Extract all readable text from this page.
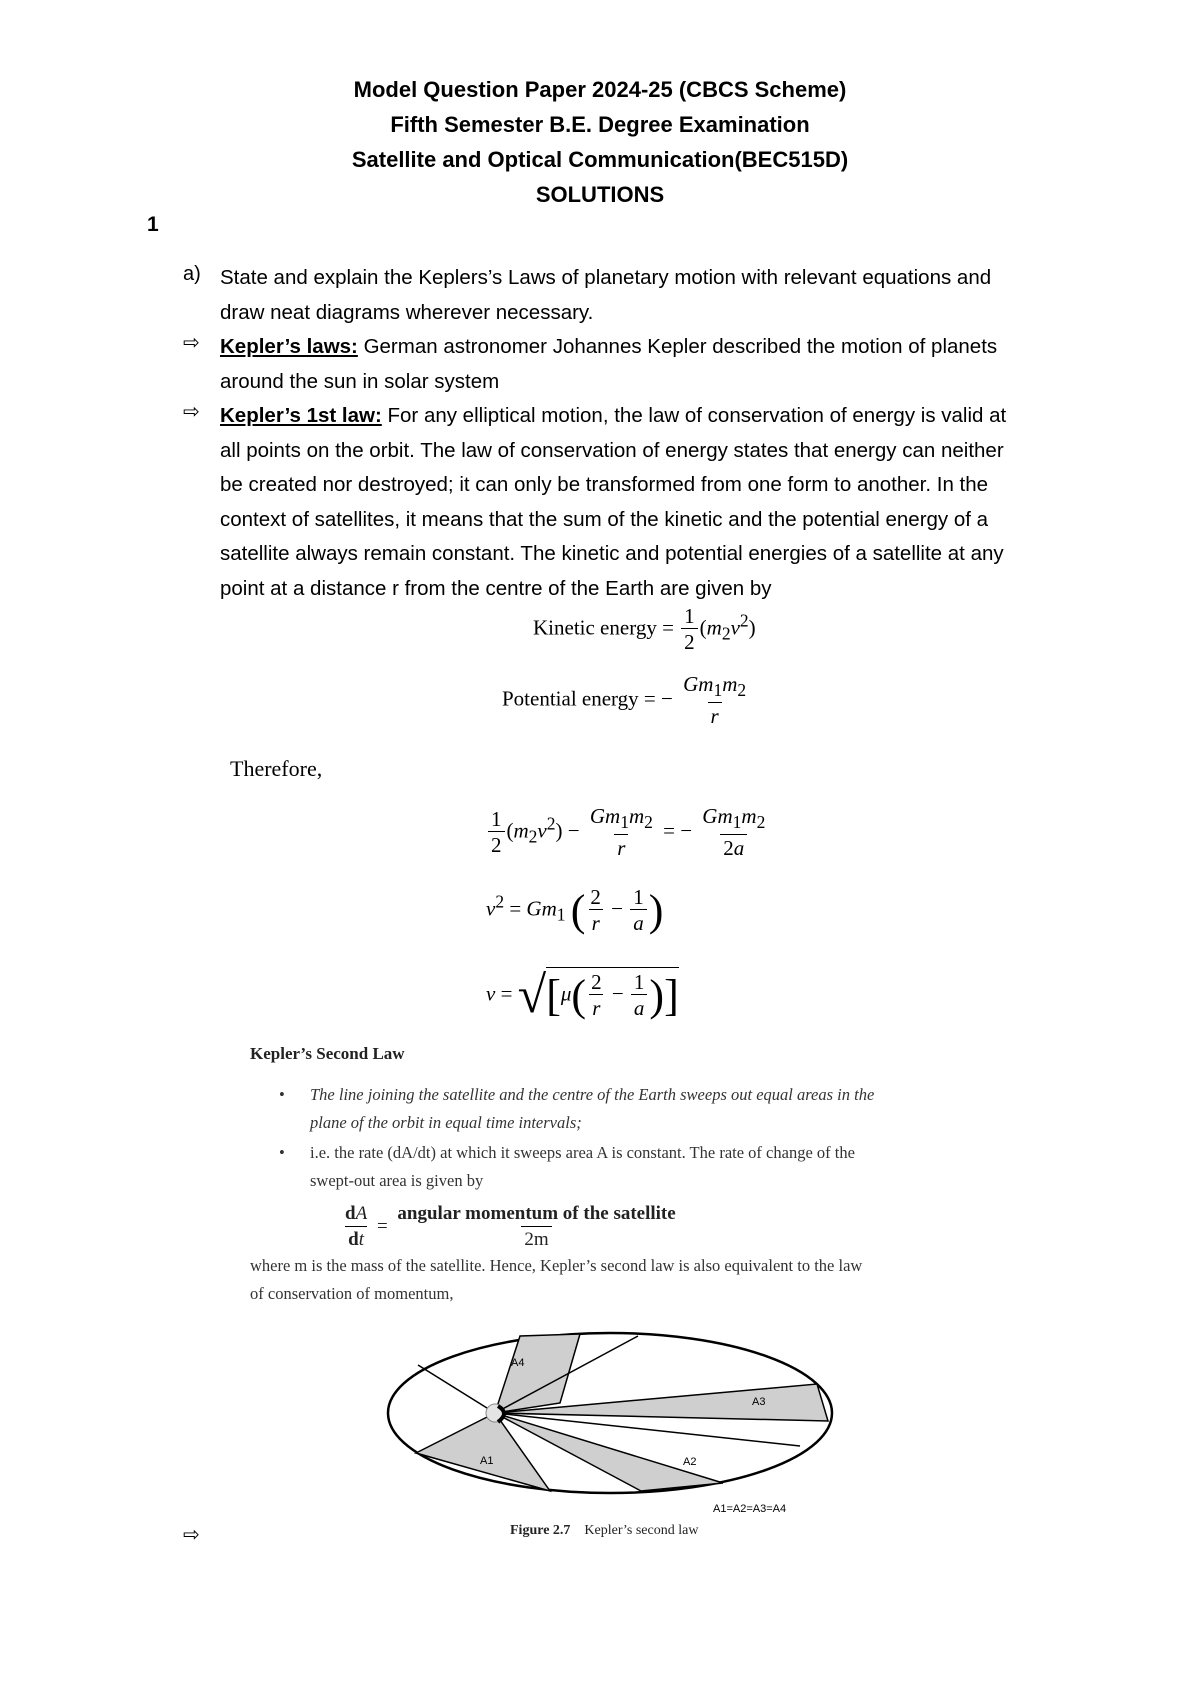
Model Question Paper 2024-25 (CBCS Scheme)
Fifth Semester B.E. Degree Examination
Satellite and Optical Communication(BEC515D)
SOLUTIONS
1
a) State and explain the Keplers’s Laws of planetary motion with relevant equations and
draw neat diagrams wherever necessary.
⇨ Kepler’s laws: German astronomer Johannes Kepler described the motion of planets
around the sun in solar system
⇨ Kepler’s 1st law: For any elliptical motion, the law of conservation of energy is valid at
all points on the orbit. The law of conservation of energy states that energy can neither
be created nor destroyed; it can only be transformed from one form to another. In the
context of satellites, it means that the sum of the kinetic and the potential energy of a
satellite always remain constant. The kinetic and potential energies of a satellite at any
point at a distance r from the centre of the Earth are given by
Kinetic energy = $\frac{1}{2} (m_2v^2)$
Potential energy = − $\frac{Gm_1m_2}{r}$
Therefore,
$\frac{1}{2} (m_2v^2) - \frac{Gm_1m_2}{r}$ = − $\frac{Gm_1m_2}{2a}$
$v^2 = Gm_1$ ( $\frac{2}{r} - \frac{1}{a}$ )
$v = √[\mu( \frac{2}{r} - \frac{1}{a}$ )]
Kepler’s Second Law
• The line joining the satellite and the centre of the Earth sweeps out equal areas in the
plane of the orbit in equal time intervals;
• i.e. the rate (dA/dt) at which it sweeps area A is constant. The rate of change of the
swept-out area is given by
$\frac{dA}{dt} = \frac{\text{angular momentum of the satellite}}{2m}$
where m is the mass of the satellite. Hence, Kepler’s second law is also equivalent to the law
of conservation of momentum,
A4
A3
A2
A1
A1=A2=A3=A4
⇨	Figure 2.7 Kepler’s second law
